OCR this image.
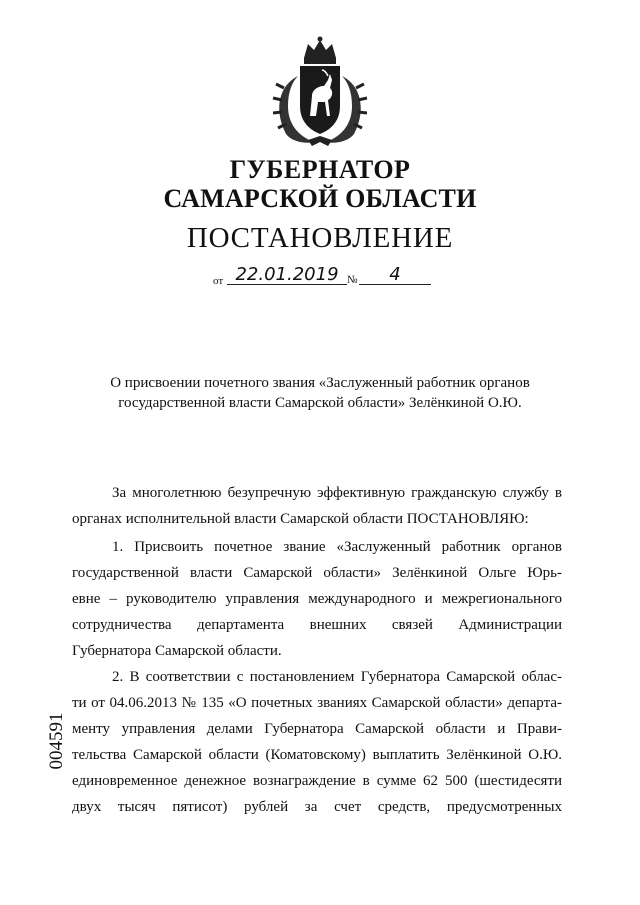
ГУБЕРНАТОР
САМАРСКОЙ ОБЛАСТИ
ПОСТАНОВЛЕНИЕ
от 22.01.2019 №	4
О присвоении почетного звания «Заслуженный работник органов
государственной власти Самарской области» Зелёнкиной О.Ю.
За многолетнюю безупречную эффективную гражданскую службу в
органах исполнительной власти Самарской области ПОСТАНОВЛЯЮ:
1. Присвоить почетное звание «Заслуженный работник органов
государственной власти Самарской области» Зелёнкиной Ольге Юрь-
евне – руководителю управления международного и межрегионального
сотрудничества департамента внешних связей Администрации
Губернатора Самарской области.
2. В соответствии с постановлением Губернатора Самарской облас-
ти от 04.06.2013 № 135 «О почетных званиях Самарской области» департа-
менту управления делами Губернатора Самарской области и Прави-
тельства Самарской области (Коматовскому) выплатить Зелёнкиной О.Ю.
единовременное денежное вознаграждение в сумме 62 500 (шестидесяти
двух тысяч пятисот) рублей за счет средств, предусмотренных
004591
